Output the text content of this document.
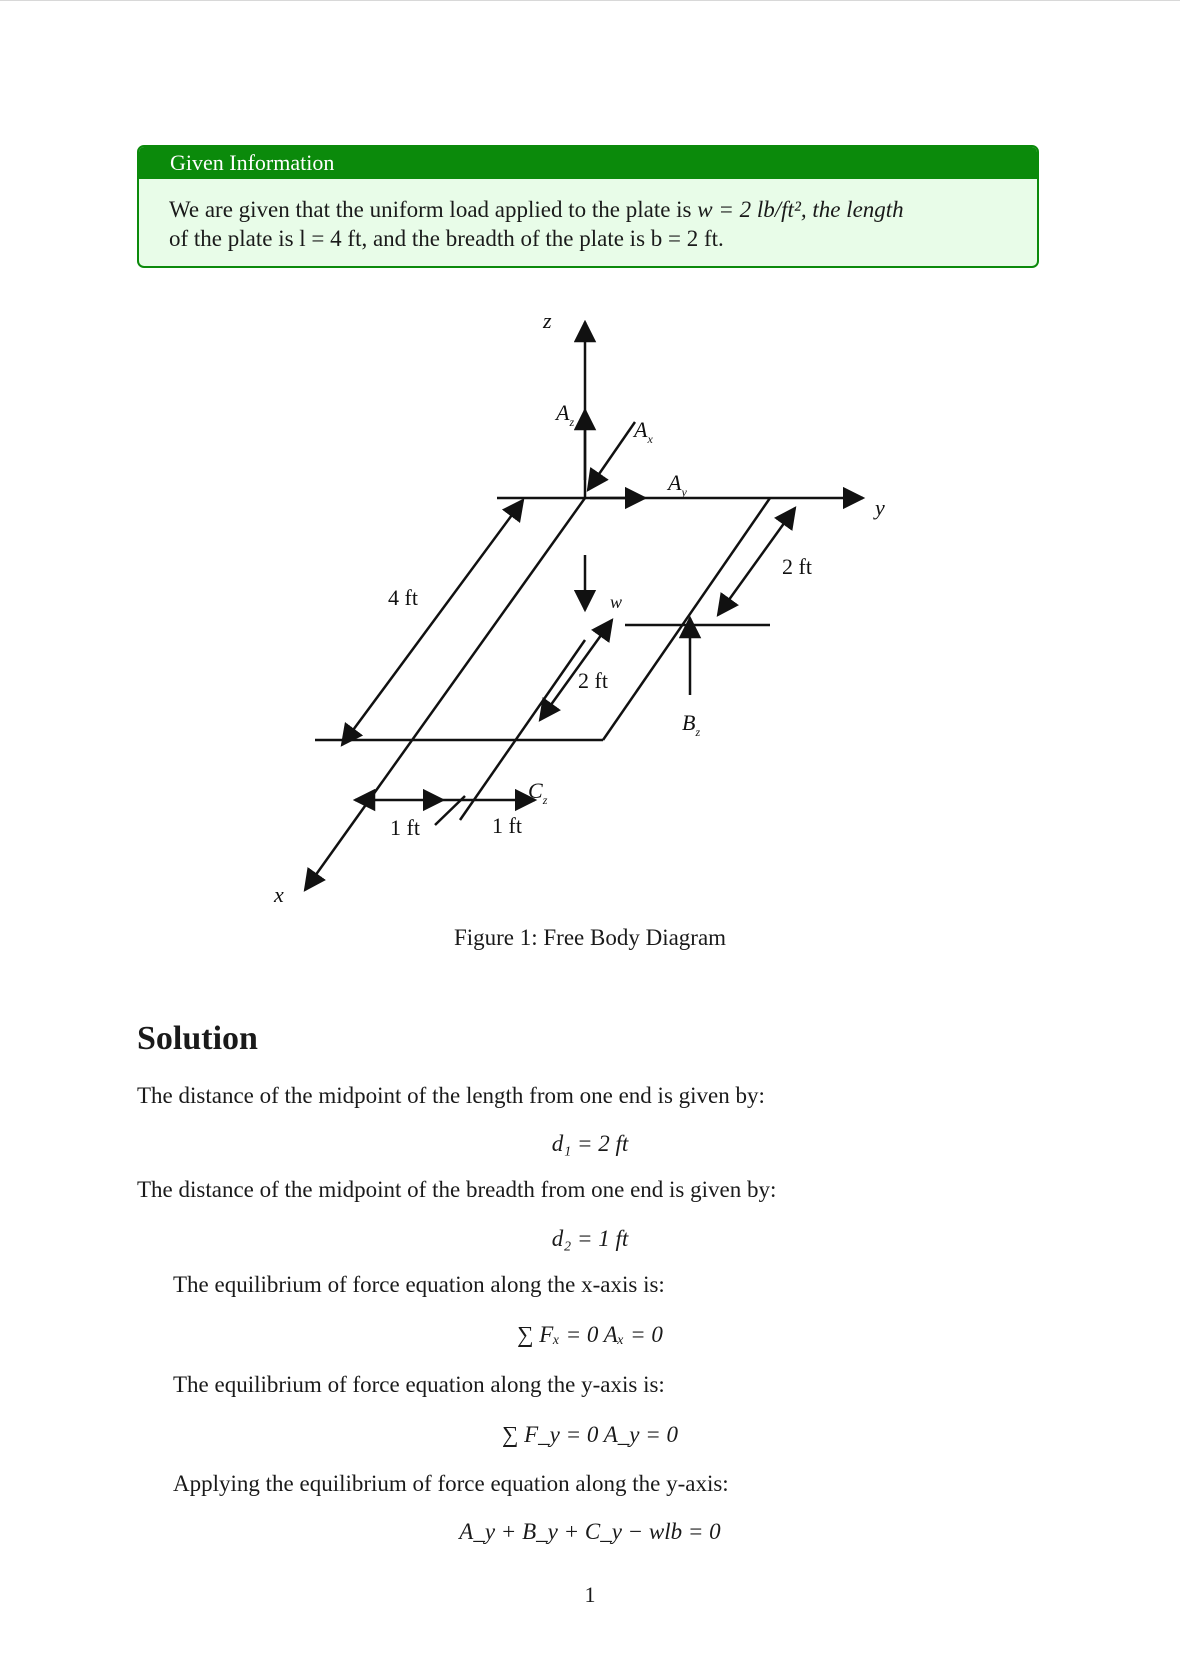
Given Information
We are given that the uniform load applied to the plate is w = 2 lb/ft², the length
of the plate is l = 4 ft, and the breadth of the plate is b = 2 ft.
z
y
x
$A_z$	$A_x$
$A_y$
$B_z$
$C_z$
w
4 ft
2 ft
2 ft
1 ft	1 ft
Figure 1: Free Body Diagram
Solution
The distance of the midpoint of the length from one end is given by:
d₁ = 2 ft
The distance of the midpoint of the breadth from one end is given by:
d₂ = 1 ft
The equilibrium of force equation along the x-axis is:
∑ Fₓ = 0 Aₓ = 0
The equilibrium of force equation along the y-axis is:
∑ F_y = 0 A_y = 0
Applying the equilibrium of force equation along the y-axis:
A_y + B_y + C_y − wlb = 0
1
